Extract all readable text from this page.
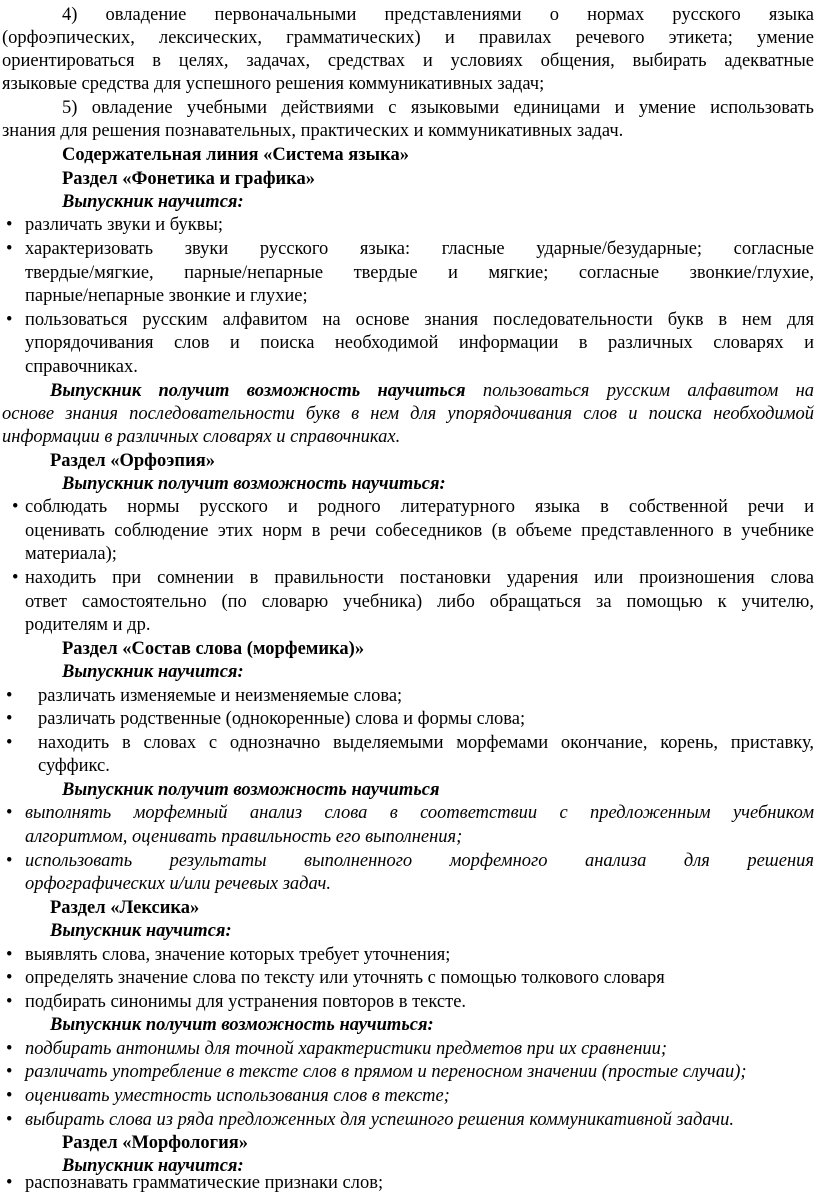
4) овладение первоначальными представлениями о нормах русского языка
(орфоэпических, лексических, грамматических) и правилах речевого этикета; умение
ориентироваться в целях, задачах, средствах и условиях общения, выбирать адекватные
языковые средства для успешного решения коммуникативных задач;
5) овладение учебными действиями с языковыми единицами и умение использовать
знания для решения познавательных, практических и коммуникативных задач.
Содержательная линия «Система языка»
Раздел «Фонетика и графика»
Выпускник научится:
• различать звуки и буквы;
• характеризовать звуки русского языка: гласные ударные/безударные; согласные
твердые/мягкие, парные/непарные твердые и мягкие; согласные звонкие/глухие,
парные/непарные звонкие и глухие;
• пользоваться русским алфавитом на основе знания последовательности букв в нем для
упорядочивания слов и поиска необходимой информации в различных словарях и
справочниках.
Выпускник получит возможность научиться пользоваться русским алфавитом на
основе знания последовательности букв в нем для упорядочивания слов и поиска необходимой
информации в различных словарях и справочниках.
Раздел «Орфоэпия»
Выпускник получит возможность научиться:
• соблюдать нормы русского и родного литературного языка в собственной речи и
оценивать соблюдение этих норм в речи собеседников (в объеме представленного в учебнике
материала);
• находить при сомнении в правильности постановки ударения или произношения слова
ответ самостоятельно (по словарю учебника) либо обращаться за помощью к учителю,
родителям и др.
Раздел «Состав слова (морфемика)»
Выпускник научится:
• различать изменяемые и неизменяемые слова;
• различать родственные (однокоренные) слова и формы слова;
• находить в словах с однозначно выделяемыми морфемами окончание, корень, приставку,
суффикс.
Выпускник получит возможность научиться
• выполнять морфемный анализ слова в соответствии с предложенным учебником
алгоритмом, оценивать правильность его выполнения;
• использовать результаты выполненного морфемного анализа для решения
орфографических и/или речевых задач.
Раздел «Лексика»
Выпускник научится:
• выявлять слова, значение которых требует уточнения;
• определять значение слова по тексту или уточнять с помощью толкового словаря
• подбирать синонимы для устранения повторов в тексте.
Выпускник получит возможность научиться:
• подбирать антонимы для точной характеристики предметов при их сравнении;
• различать употребление в тексте слов в прямом и переносном значении (простые случаи);
• оценивать уместность использования слов в тексте;
• выбирать слова из ряда предложенных для успешного решения коммуникативной задачи.
Раздел «Морфология»
Выпускник научится:
• распознавать грамматические признаки слов;
